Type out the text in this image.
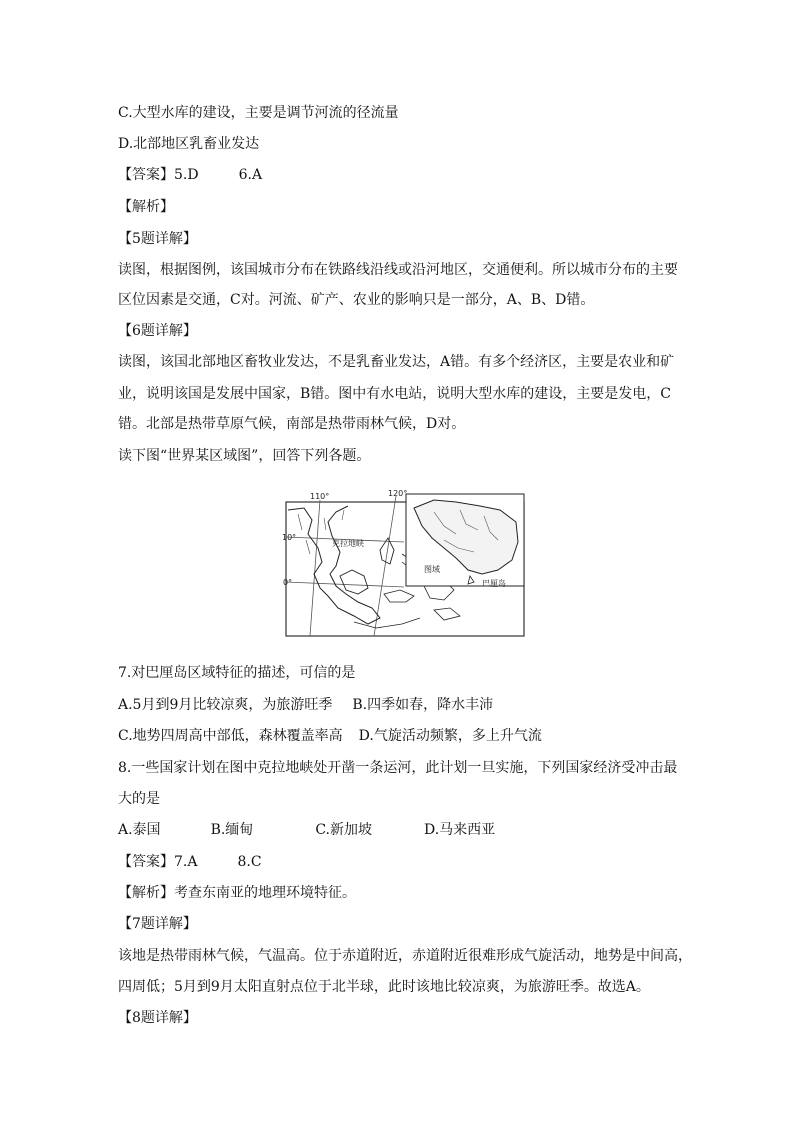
C.大型水库的建设，主要是调节河流的径流量
D.北部地区乳畜业发达
【答案】5.D	6.A
【解析】
【5题详解】
读图，根据图例，该国城市分布在铁路线沿线或沿河地区，交通便利。所以城市分布的主要
区位因素是交通，C对。河流、矿产、农业的影响只是一部分，A、B、D错。
【6题详解】
读图，该国北部地区畜牧业发达，不是乳畜业发达，A错。有多个经济区，主要是农业和矿
业，说明该国是发展中国家，B错。图中有水电站，说明大型水库的建设，主要是发电，C
错。北部是热带草原气候，南部是热带雨林气候，D对。
读下图“世界某区域图”，回答下列各题。
110°	120°
10°
0°
克拉地峡
图域
巴厘岛
7.对巴厘岛区域特征的描述，可信的是
A.5月到9月比较凉爽，为旅游旺季 B.四季如春，降水丰沛
C.地势四周高中部低，森林覆盖率高 D.气旋活动频繁，多上升气流
8.一些国家计划在图中克拉地峡处开凿一条运河，此计划一旦实施，下列国家经济受冲击最
大的是
A.泰国	B.缅甸	C.新加坡	D.马来西亚
【答案】7.A	8.C
【解析】考查东南亚的地理环境特征。
【7题详解】
该地是热带雨林气候，气温高。位于赤道附近，赤道附近很难形成气旋活动，地势是中间高，
四周低；5月到9月太阳直射点位于北半球，此时该地比较凉爽，为旅游旺季。故选A。
【8题详解】
